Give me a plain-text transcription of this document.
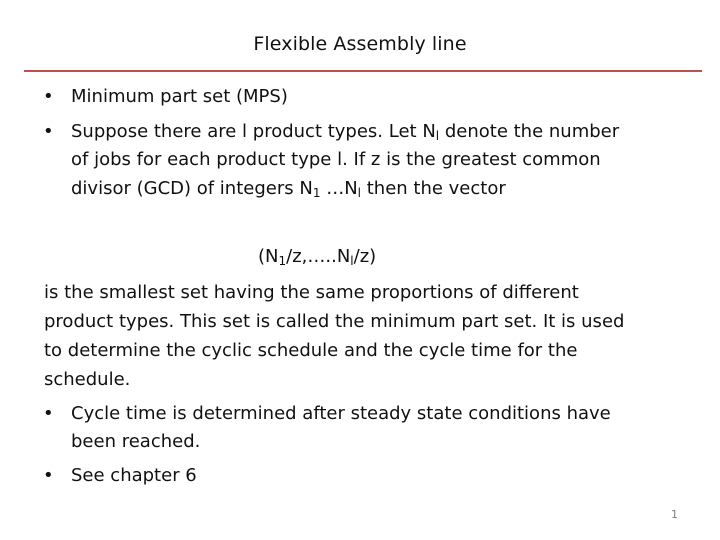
Flexible Assembly line
• Minimum part set (MPS)
• Suppose there are l product types. Let $N_l$ denote the number
of jobs for each product type l. If z is the greatest common
divisor (GCD) of integers $N_1$ $\dots N_l$ then the vector
$(N_1/z,\dots..N_l/z)$
is the smallest set having the same proportions of different
product types. This set is called the minimum part set. It is used
to determine the cyclic schedule and the cycle time for the
schedule.
• Cycle time is determined after steady state conditions have
been reached.
• See chapter 6
1
